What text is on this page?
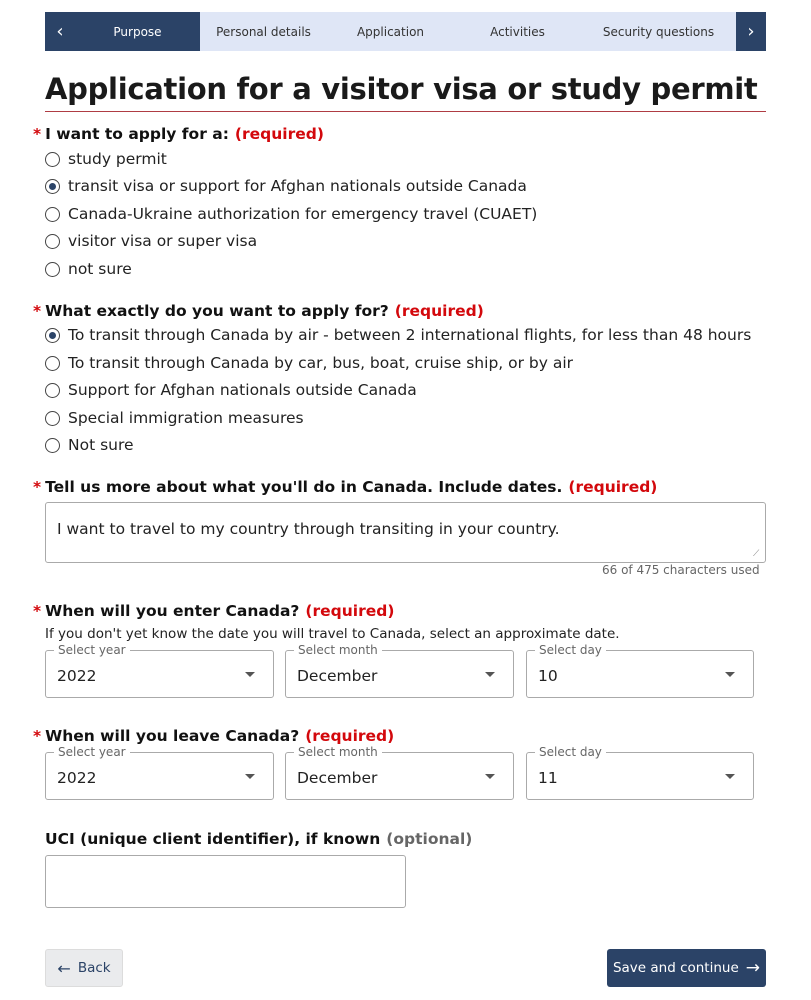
‹	Purpose	Personal details	Application	Activities	Security questions	›
Application for a visitor visa or study permit
* I want to apply for a: (required)
study permit
transit visa or support for Afghan nationals outside Canada
Canada-Ukraine authorization for emergency travel (CUAET)
visitor visa or super visa
not sure
* What exactly do you want to apply for? (required)
To transit through Canada by air - between 2 international flights, for less than 48 hours
To transit through Canada by car, bus, boat, cruise ship, or by air
Support for Afghan nationals outside Canada
Special immigration measures
Not sure
* Tell us more about what you'll do in Canada. Include dates. (required)
I want to travel to my country through transiting in your country.
⟋
66 of 475 characters used
* When will you enter Canada? (required)
If you don't yet know the date you will travel to Canada, select an approximate date.
Select year
2022
Select month
December
Select day
10
* When will you leave Canada? (required)
Select year
2022
Select month
December
Select day
11
UCI (unique client identifier), if known (optional)
← Back	Save and continue →
